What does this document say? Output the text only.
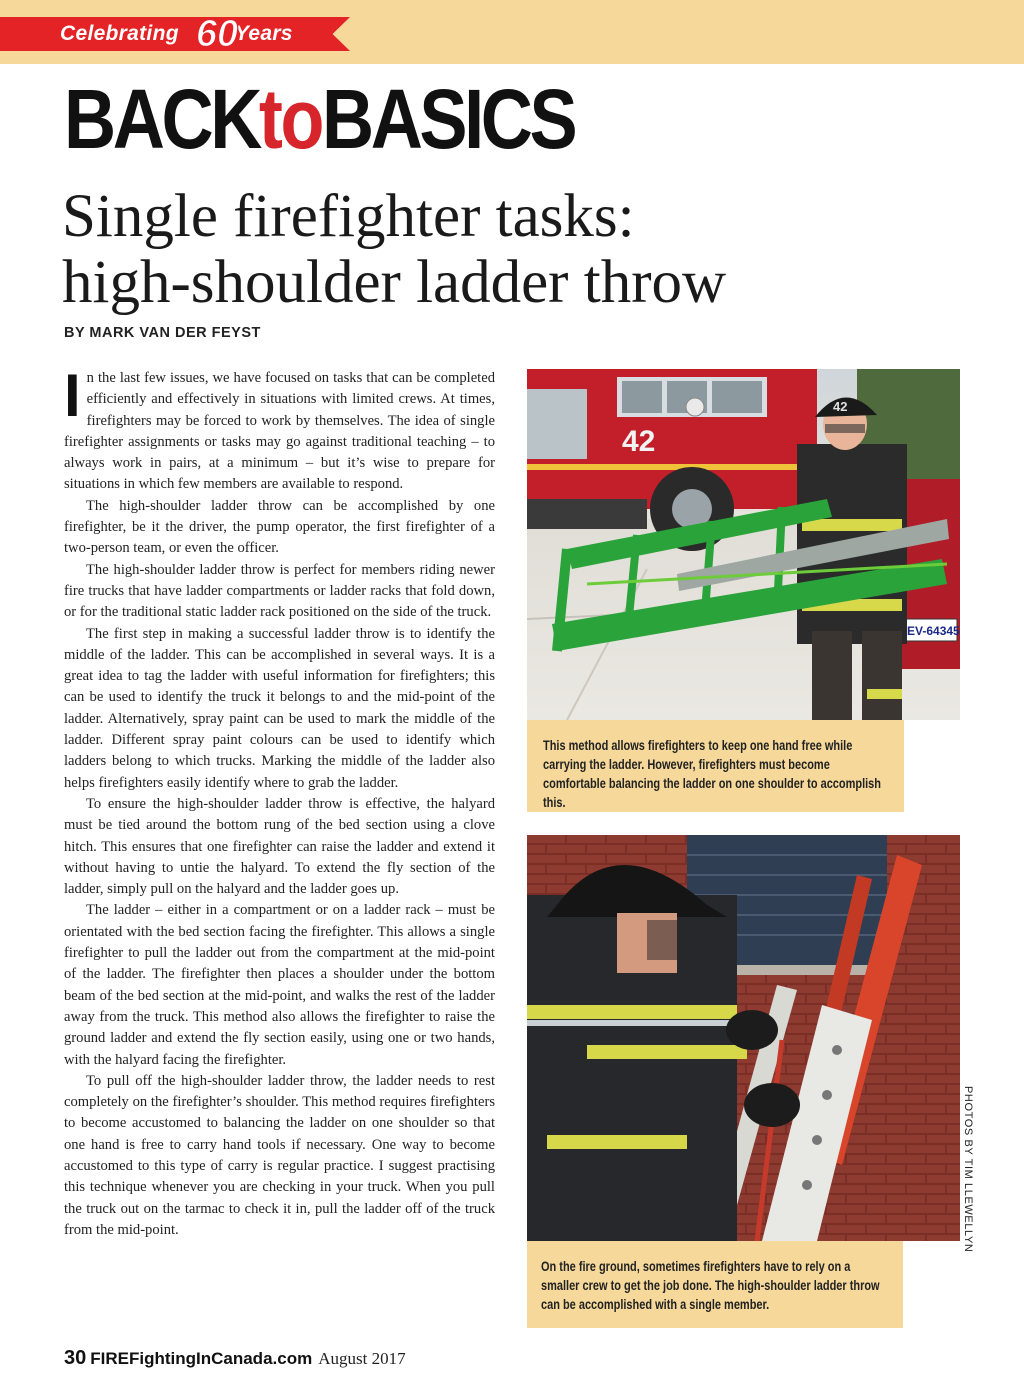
Celebrating	Years
60
BACKtoBASICS
Single firefighter tasks:
high-shoulder ladder throw
BY MARK VAN DER FEYST

In the last few issues, we have focused on tasks that can be completed efficiently and effectively in situations with limited crews. At times, firefighters may be forced to work by themselves. The idea of single firefighter assignments or tasks may go against traditional teaching – to always work in pairs, at a minimum – but it’s wise to prepare for situations in which few members are available to respond.

The high-shoulder ladder throw can be accomplished by one firefighter, be it the driver, the pump operator, the first firefighter of a two-person team, or even the officer.

The high-shoulder ladder throw is perfect for members riding newer fire trucks that have ladder compartments or ladder racks that fold down, or for the traditional static ladder rack positioned on the side of the truck.

The first step in making a successful ladder throw is to identify the middle of the ladder. This can be accomplished in several ways. It is a great idea to tag the ladder with useful information for firefighters; this can be used to identify the truck it belongs to and the mid-point of the ladder. Alternatively, spray paint can be used to mark the middle of the ladder. Different spray paint colours can be used to identify which ladders belong to which trucks. Marking the middle of the ladder also helps firefighters easily identify where to grab the ladder.

To ensure the high-shoulder ladder throw is effective, the halyard must be tied around the bottom rung of the bed section using a clove hitch. This ensures that one firefighter can raise the ladder and extend it without having to untie the halyard. To extend the fly section of the ladder, simply pull on the halyard and the ladder goes up.

The ladder – either in a compartment or on a ladder rack – must be orientated with the bed section facing the firefighter. This allows a single firefighter to pull the ladder out from the compartment at the mid-point of the ladder. The firefighter then places a shoulder under the bottom beam of the bed section at the mid-point, and walks the rest of the ladder away from the truck. This method also allows the firefighter to raise the ground ladder and extend the fly section easily, using one or two hands, with the halyard facing the firefighter.

To pull off the high-shoulder ladder throw, the ladder needs to rest completely on the firefighter’s shoulder. This method requires firefighters to become accustomed to balancing the ladder on one shoulder so that one hand is free to carry hand tools if necessary. One way to become accustomed to this type of carry is regular practice. I suggest practising this technique whenever you are checking in your truck. When you pull the truck out on the tarmac to check it in, pull the ladder off of the truck from the mid-point.

42
EV-64345
42
This method allows firefighters to keep one hand free while carrying the ladder. However, firefighters must become comfortable balancing the ladder on one shoulder to accomplish this.
On the fire ground, sometimes firefighters have to rely on a smaller crew to get the job done. The high-shoulder ladder throw can be accomplished with a single member.
PHOTOS BY TIM LLEWELLYN
30 FIREFightingInCanada.com August 2017
